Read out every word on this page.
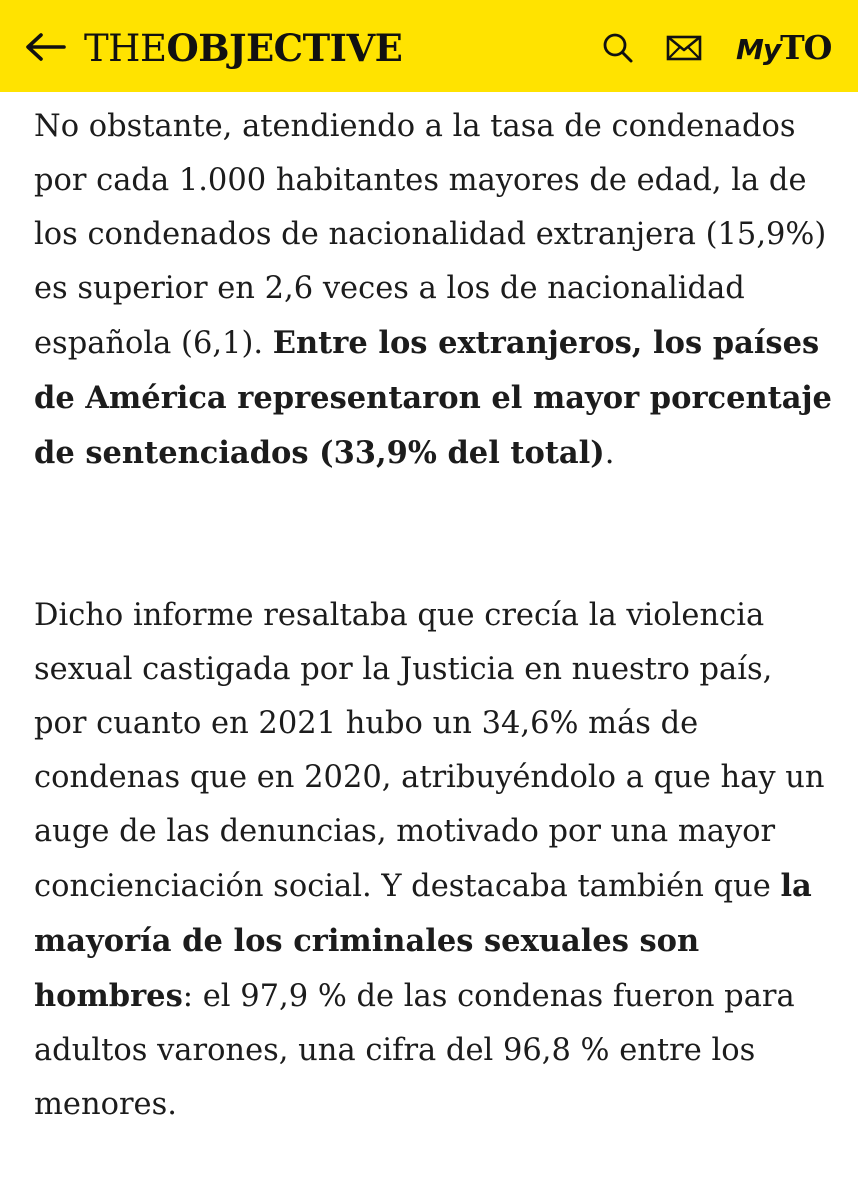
THEOBJECTIVE	My TO

No obstante, atendiendo a la tasa de condenados por cada 1.000 habitantes mayores de edad, la de los condenados de nacionalidad extranjera (15,9%) es superior en 2,6 veces a los de nacionalidad española (6,1). Entre los extranjeros, los países de América representaron el mayor porcentaje de sentenciados (33,9% del total).

Dicho informe resaltaba que crecía la violencia sexual castigada por la Justicia en nuestro país, por cuanto en 2021 hubo un 34,6% más de condenas que en 2020, atribuyéndolo a que hay un auge de las denuncias, motivado por una mayor concienciación social. Y destacaba también que la mayoría de los criminales sexuales son hombres: el 97,9 % de las condenas fueron para adultos varones, una cifra del 96,8 % entre los menores.
